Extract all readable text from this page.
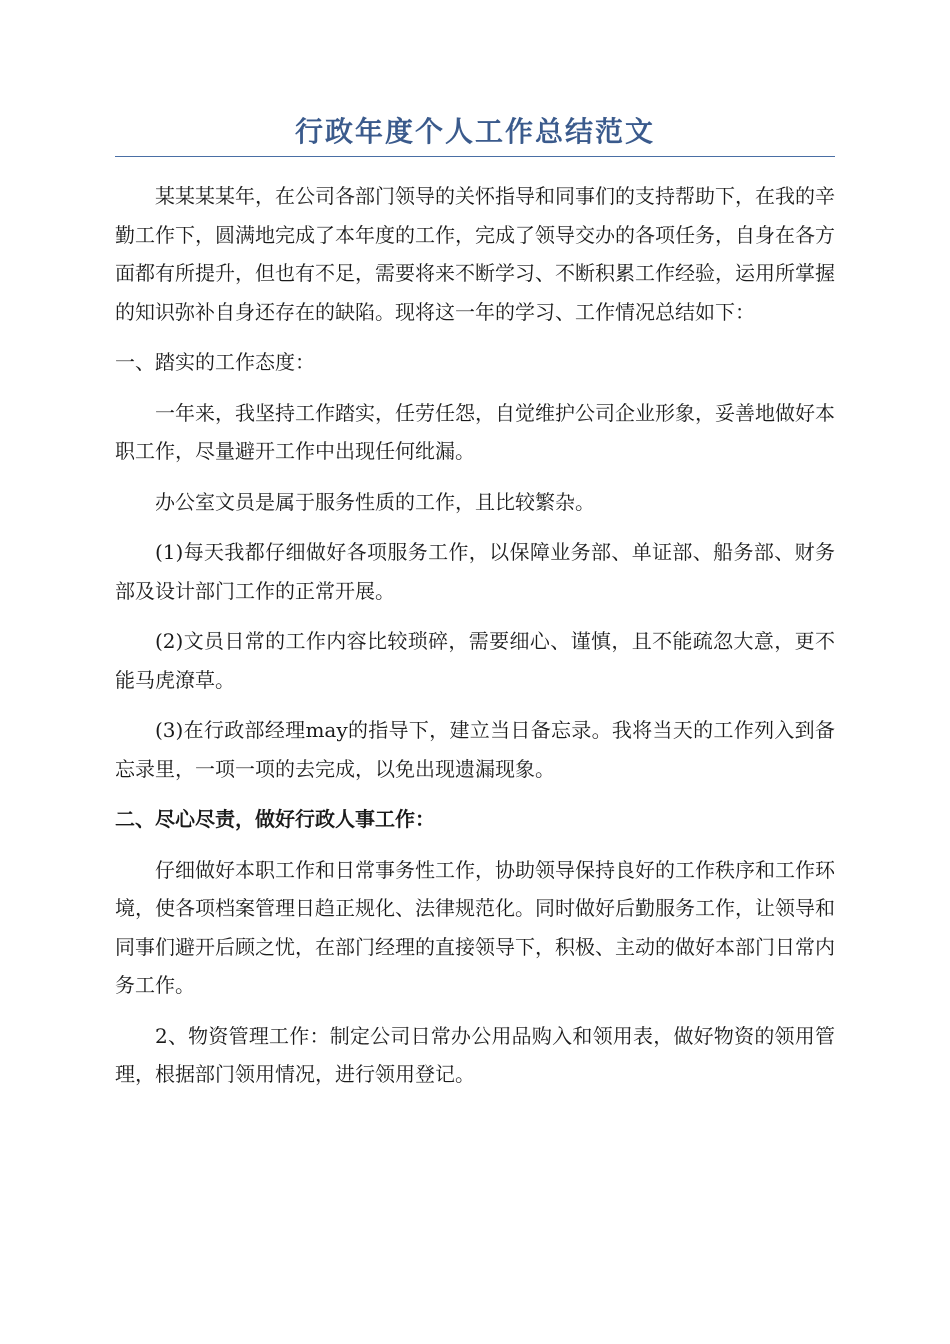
行政年度个人工作总结范文

某某某某年，在公司各部门领导的关怀指导和同事们的支持帮助下，在我的辛勤工作下，圆满地完成了本年度的工作，完成了领导交办的各项任务，自身在各方面都有所提升，但也有不足，需要将来不断学习、不断积累工作经验，运用所掌握的知识弥补自身还存在的缺陷。现将这一年的学习、工作情况总结如下：

一、踏实的工作态度：

一年来，我坚持工作踏实，任劳任怨，自觉维护公司企业形象，妥善地做好本职工作，尽量避开工作中出现任何纰漏。

办公室文员是属于服务性质的工作，且比较繁杂。

(1)每天我都仔细做好各项服务工作，以保障业务部、单证部、船务部、财务部及设计部门工作的正常开展。

(2)文员日常的工作内容比较琐碎，需要细心、谨慎，且不能疏忽大意，更不能马虎潦草。

(3)在行政部经理may的指导下，建立当日备忘录。我将当天的工作列入到备忘录里，一项一项的去完成，以免出现遗漏现象。

二、尽心尽责，做好行政人事工作：

仔细做好本职工作和日常事务性工作，协助领导保持良好的工作秩序和工作环境，使各项档案管理日趋正规化、法律规范化。同时做好后勤服务工作，让领导和同事们避开后顾之忧，在部门经理的直接领导下，积极、主动的做好本部门日常内务工作。

2、物资管理工作：制定公司日常办公用品购入和领用表，做好物资的领用管理，根据部门领用情况，进行领用登记。
